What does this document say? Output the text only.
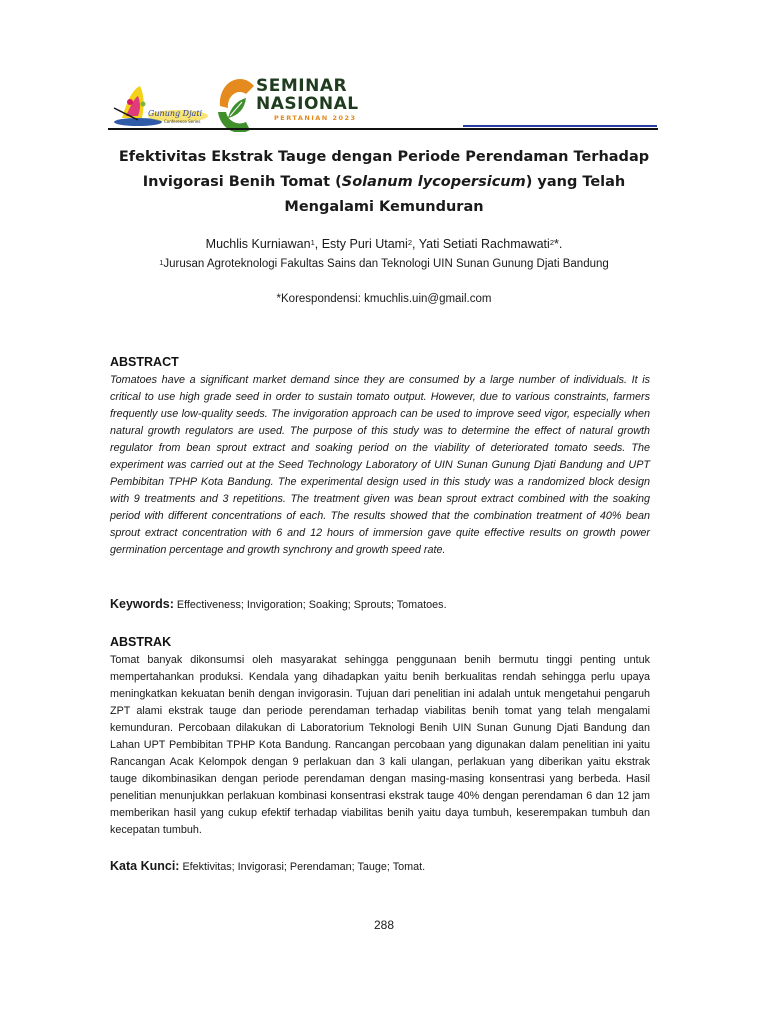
Gunung Djati
Conference Series
SEMINAR
NASIONAL
PERTANIAN 2023
Efektivitas Ekstrak Tauge dengan Periode Perendaman Terhadap Invigorasi Benih Tomat (Solanum lycopersicum) yang Telah Mengalami Kemunduran
Muchlis Kurniawan$^1$, Esty Puri Utami$^2$, Yati Setiati Rachmawati$^2$*.
$^1$Jurusan Agroteknologi Fakultas Sains dan Teknologi UIN Sunan Gunung Djati Bandung
*Korespondensi: kmuchlis.uin@gmail.com
ABSTRACT
Tomatoes have a significant market demand since they are consumed by a large number of individuals. It is critical to use high grade seed in order to sustain tomato output. However, due to various constraints, farmers frequently use low-quality seeds. The invigoration approach can be used to improve seed vigor, especially when natural growth regulators are used. The purpose of this study was to determine the effect of natural growth regulator from bean sprout extract and soaking period on the viability of deteriorated tomato seeds. The experiment was carried out at the Seed Technology Laboratory of UIN Sunan Gunung Djati Bandung and UPT Pembibitan TPHP Kota Bandung. The experimental design used in this study was a randomized block design with 9 treatments and 3 repetitions. The treatment given was bean sprout extract combined with the soaking period with different concentrations of each. The results showed that the combination treatment of 40% bean sprout extract concentration with 6 and 12 hours of immersion gave quite effective results on growth power germination percentage and growth synchrony and growth speed rate.
Keywords: Effectiveness; Invigoration; Soaking; Sprouts; Tomatoes.
ABSTRAK
Tomat banyak dikonsumsi oleh masyarakat sehingga penggunaan benih bermutu tinggi penting untuk mempertahankan produksi. Kendala yang dihadapkan yaitu benih berkualitas rendah sehingga perlu upaya meningkatkan kekuatan benih dengan invigorasin. Tujuan dari penelitian ini adalah untuk mengetahui pengaruh ZPT alami ekstrak tauge dan periode perendaman terhadap viabilitas benih tomat yang telah mengalami kemunduran. Percobaan dilakukan di Laboratorium Teknologi Benih UIN Sunan Gunung Djati Bandung dan Lahan UPT Pembibitan TPHP Kota Bandung. Rancangan percobaan yang digunakan dalam penelitian ini yaitu Rancangan Acak Kelompok dengan 9 perlakuan dan 3 kali ulangan, perlakuan yang diberikan yaitu ekstrak tauge dikombinasikan dengan periode perendaman dengan masing-masing konsentrasi yang berbeda. Hasil penelitian menunjukkan perlakuan kombinasi konsentrasi ekstrak tauge 40% dengan perendaman 6 dan 12 jam memberikan hasil yang cukup efektif terhadap viabilitas benih yaitu daya tumbuh, keserempakan tumbuh dan kecepatan tumbuh.
Kata Kunci: Efektivitas; Invigorasi; Perendaman; Tauge; Tomat.
288
